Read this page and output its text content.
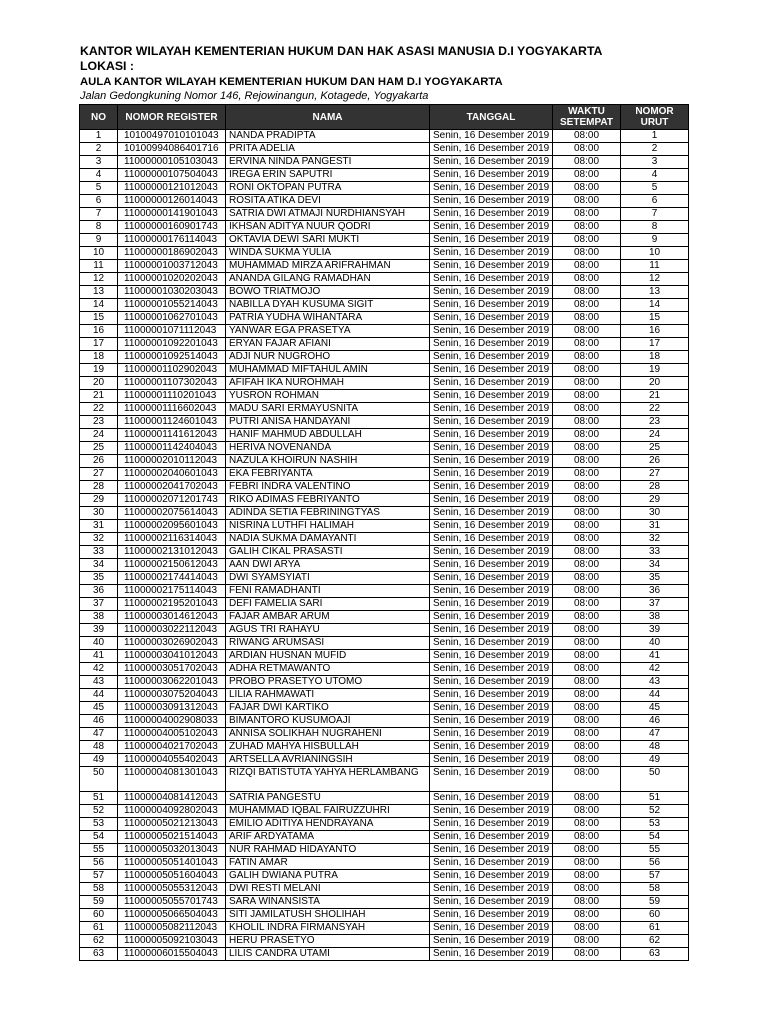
KANTOR WILAYAH KEMENTERIAN HUKUM DAN HAK ASASI MANUSIA D.I YOGYAKARTA
LOKASI :
AULA KANTOR WILAYAH KEMENTERIAN HUKUM DAN HAM D.I YOGYAKARTA
Jalan Gedongkuning Nomor 146, Rejowinangun, Kotagede, Yogyakarta
NO	NOMOR REGISTER	NAMA	TANGGAL	WAKTU SETEMPAT	NOMOR URUT
1	10100497010101043	NANDA PRADIPTA	Senin, 16 Desember 2019	08:00	1
2	10100994086401716	PRITA ADELIA	Senin, 16 Desember 2019	08:00	2
3	11000000105103043	ERVINA NINDA PANGESTI	Senin, 16 Desember 2019	08:00	3
4	11000000107504043	IREGA ERIN SAPUTRI	Senin, 16 Desember 2019	08:00	4
5	11000000121012043	RONI OKTOPAN PUTRA	Senin, 16 Desember 2019	08:00	5
6	11000000126014043	ROSITA ATIKA DEVI	Senin, 16 Desember 2019	08:00	6
7	11000000141901043	SATRIA DWI ATMAJI NURDHIANSYAH	Senin, 16 Desember 2019	08:00	7
8	11000000160901743	IKHSAN ADITYA NUUR QODRI	Senin, 16 Desember 2019	08:00	8
9	11000000176114043	OKTAVIA DEWI SARI MUKTI	Senin, 16 Desember 2019	08:00	9
10	11000000186902043	WINDA SUKMA YULIA	Senin, 16 Desember 2019	08:00	10
11	11000001003712043	MUHAMMAD MIRZA ARIFRAHMAN	Senin, 16 Desember 2019	08:00	11
12	11000001020202043	ANANDA GILANG RAMADHAN	Senin, 16 Desember 2019	08:00	12
13	11000001030203043	BOWO TRIATMOJO	Senin, 16 Desember 2019	08:00	13
14	11000001055214043	NABILLA DYAH KUSUMA SIGIT	Senin, 16 Desember 2019	08:00	14
15	11000001062701043	PATRIA YUDHA WIHANTARA	Senin, 16 Desember 2019	08:00	15
16	11000001071112043	YANWAR EGA PRASETYA	Senin, 16 Desember 2019	08:00	16
17	11000001092201043	ERYAN FAJAR AFIANI	Senin, 16 Desember 2019	08:00	17
18	11000001092514043	ADJI NUR NUGROHO	Senin, 16 Desember 2019	08:00	18
19	11000001102902043	MUHAMMAD MIFTAHUL AMIN	Senin, 16 Desember 2019	08:00	19
20	11000001107302043	AFIFAH IKA NUROHMAH	Senin, 16 Desember 2019	08:00	20
21	11000001110201043	YUSRON ROHMAN	Senin, 16 Desember 2019	08:00	21
22	11000001116602043	MADU SARI ERMAYUSNITA	Senin, 16 Desember 2019	08:00	22
23	11000001124601043	PUTRI ANISA HANDAYANI	Senin, 16 Desember 2019	08:00	23
24	11000001141612043	HANIF MAHMUD ABDULLAH	Senin, 16 Desember 2019	08:00	24
25	11000001142404043	HERIVA NOVENANDA	Senin, 16 Desember 2019	08:00	25
26	11000002010112043	NAZULA KHOIRUN NASHIH	Senin, 16 Desember 2019	08:00	26
27	11000002040601043	EKA FEBRIYANTA	Senin, 16 Desember 2019	08:00	27
28	11000002041702043	FEBRI INDRA VALENTINO	Senin, 16 Desember 2019	08:00	28
29	11000002071201743	RIKO ADIMAS FEBRIYANTO	Senin, 16 Desember 2019	08:00	29
30	11000002075614043	ADINDA SETIA FEBRININGTYAS	Senin, 16 Desember 2019	08:00	30
31	11000002095601043	NISRINA LUTHFI HALIMAH	Senin, 16 Desember 2019	08:00	31
32	11000002116314043	NADIA SUKMA DAMAYANTI	Senin, 16 Desember 2019	08:00	32
33	11000002131012043	GALIH CIKAL PRASASTI	Senin, 16 Desember 2019	08:00	33
34	11000002150612043	AAN DWI ARYA	Senin, 16 Desember 2019	08:00	34
35	11000002174414043	DWI SYAMSYIATI	Senin, 16 Desember 2019	08:00	35
36	11000002175114043	FENI RAMADHANTI	Senin, 16 Desember 2019	08:00	36
37	11000002195201043	DEFI FAMELIA SARI	Senin, 16 Desember 2019	08:00	37
38	11000003014612043	FAJAR AMBAR ARUM	Senin, 16 Desember 2019	08:00	38
39	11000003022112043	AGUS TRI RAHAYU	Senin, 16 Desember 2019	08:00	39
40	11000003026902043	RIWANG ARUMSASI	Senin, 16 Desember 2019	08:00	40
41	11000003041012043	ARDIAN HUSNAN MUFID	Senin, 16 Desember 2019	08:00	41
42	11000003051702043	ADHA RETMAWANTO	Senin, 16 Desember 2019	08:00	42
43	11000003062201043	PROBO PRASETYO UTOMO	Senin, 16 Desember 2019	08:00	43
44	11000003075204043	LILIA RAHMAWATI	Senin, 16 Desember 2019	08:00	44
45	11000003091312043	FAJAR DWI KARTIKO	Senin, 16 Desember 2019	08:00	45
46	11000004002908033	BIMANTORO KUSUMOAJI	Senin, 16 Desember 2019	08:00	46
47	11000004005102043	ANNISA SOLIKHAH NUGRAHENI	Senin, 16 Desember 2019	08:00	47
48	11000004021702043	ZUHAD MAHYA HISBULLAH	Senin, 16 Desember 2019	08:00	48
49	11000004055402043	ARTSELLA AVRIANINGSIH	Senin, 16 Desember 2019	08:00	49
50	11000004081301043	RIZQI BATISTUTA YAHYA HERLAMBANG	Senin, 16 Desember 2019	08:00	50
51	11000004081412043	SATRIA PANGESTU	Senin, 16 Desember 2019	08:00	51
52	11000004092802043	MUHAMMAD IQBAL FAIRUZZUHRI	Senin, 16 Desember 2019	08:00	52
53	11000005021213043	EMILIO ADITIYA HENDRAYANA	Senin, 16 Desember 2019	08:00	53
54	11000005021514043	ARIF ARDYATAMA	Senin, 16 Desember 2019	08:00	54
55	11000005032013043	NUR RAHMAD HIDAYANTO	Senin, 16 Desember 2019	08:00	55
56	11000005051401043	FATIN AMAR	Senin, 16 Desember 2019	08:00	56
57	11000005051604043	GALIH DWIANA PUTRA	Senin, 16 Desember 2019	08:00	57
58	11000005055312043	DWI RESTI MELANI	Senin, 16 Desember 2019	08:00	58
59	11000005055701743	SARA WINANSISTA	Senin, 16 Desember 2019	08:00	59
60	11000005066504043	SITI JAMILATUSH SHOLIHAH	Senin, 16 Desember 2019	08:00	60
61	11000005082112043	KHOLIL INDRA FIRMANSYAH	Senin, 16 Desember 2019	08:00	61
62	11000005092103043	HERU PRASETYO	Senin, 16 Desember 2019	08:00	62
63	11000006015504043	LILIS CANDRA UTAMI	Senin, 16 Desember 2019	08:00	63
